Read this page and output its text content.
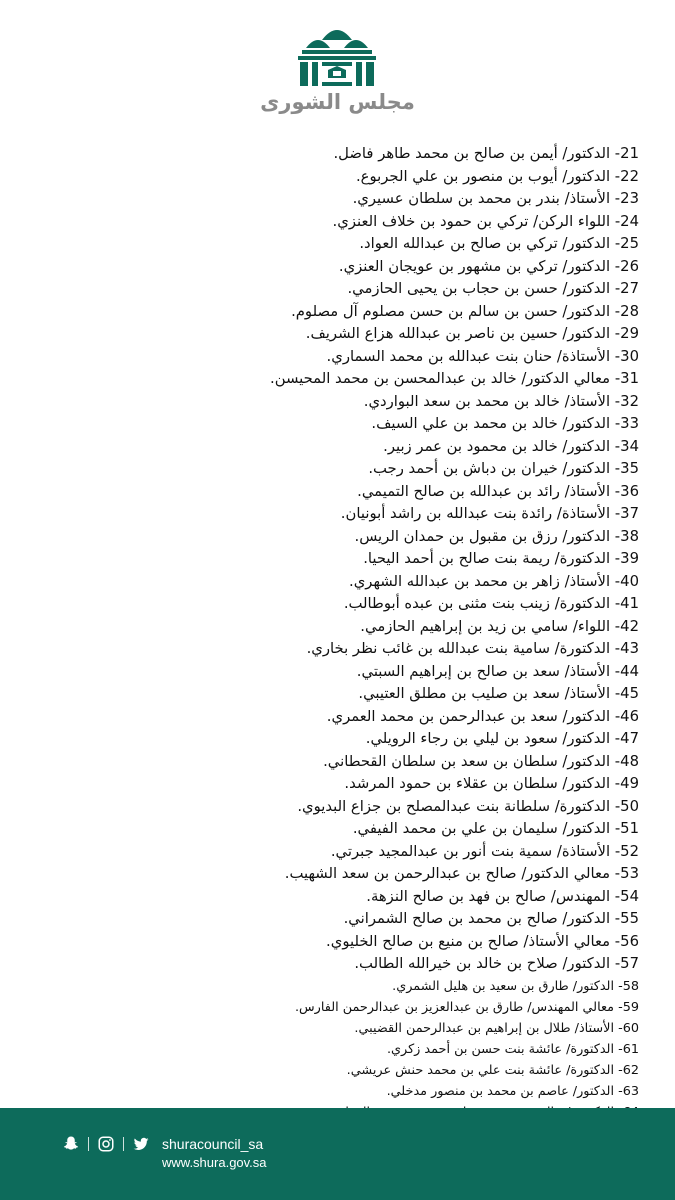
مجلس الشورى
21- الدكتور/ أيمن بن صالح بن محمد طاهر فاضل.
22- الدكتور/ أيوب بن منصور بن علي الجربوع.
23- الأستاذ/ بندر بن محمد بن سلطان عسيري.
24- اللواء الركن/ تركي بن حمود بن خلاف العنزي.
25- الدكتور/ تركي بن صالح بن عبدالله العواد.
26- الدكتور/ تركي بن مشهور بن عويجان العنزي.
27- الدكتور/ حسن بن حجاب بن يحيى الحازمي.
28- الدكتور/ حسن بن سالم بن حسن مصلوم آل مصلوم.
29- الدكتور/ حسين بن ناصر بن عبدالله هزاع الشريف.
30- الأستاذة/ حنان بنت عبدالله بن محمد السماري.
31- معالي الدكتور/ خالد بن عبدالمحسن بن محمد المحيسن.
32- الأستاذ/ خالد بن محمد بن سعد البواردي.
33- الدكتور/ خالد بن محمد بن علي السيف.
34- الدكتور/ خالد بن محمود بن عمر زبير.
35- الدكتور/ خيران بن دباش بن أحمد رجب.
36- الأستاذ/ رائد بن عبدالله بن صالح التميمي.
37- الأستاذة/ رائدة بنت عبدالله بن راشد أبونيان.
38- الدكتور/ رزق بن مقبول بن حمدان الريس.
39- الدكتورة/ ريمة بنت صالح بن أحمد اليحيا.
40- الأستاذ/ زاهر بن محمد بن عبدالله الشهري.
41- الدكتورة/ زينب بنت مثنى بن عبده أبوطالب.
42- اللواء/ سامي بن زيد بن إبراهيم الحازمي.
43- الدكتورة/ سامية بنت عبدالله بن غائب نظر بخاري.
44- الأستاذ/ سعد بن صالح بن إبراهيم السبتي.
45- الأستاذ/ سعد بن صليب بن مطلق العتيبي.
46- الدكتور/ سعد بن عبدالرحمن بن محمد العمري.
47- الدكتور/ سعود بن ليلي بن رجاء الرويلي.
48- الدكتور/ سلطان بن سعد بن سلطان القحطاني.
49- الدكتور/ سلطان بن عقلاء بن حمود المرشد.
50- الدكتورة/ سلطانة بنت عبدالمصلح بن جزاع البديوي.
51- الدكتور/ سليمان بن علي بن محمد الفيفي.
52- الأستاذة/ سمية بنت أنور بن عبدالمجيد جبرتي.
53- معالي الدكتور/ صالح بن عبدالرحمن بن سعد الشهيب.
54- المهندس/ صالح بن فهد بن صالح النزهة.
55- الدكتور/ صالح بن محمد بن صالح الشمراني.
56- معالي الأستاذ/ صالح بن منيع بن صالح الخليوي.
57- الدكتور/ صلاح بن خالد بن خيرالله الطالب.
58- الدكتور/ طارق بن سعيد بن هليل الشمري.
59- معالي المهندس/ طارق بن عبدالعزيز بن عبدالرحمن الفارس.
60- الأستاذ/ طلال بن إبراهيم بن عبدالرحمن القضيبي.
61- الدكتورة/ عائشة بنت حسن بن أحمد زكري.
62- الدكتورة/ عائشة بنت علي بن محمد حنش عريشي.
63- الدكتور/ عاصم بن محمد بن منصور مدخلي.
shuracouncil_sa
www.shura.gov.sa
